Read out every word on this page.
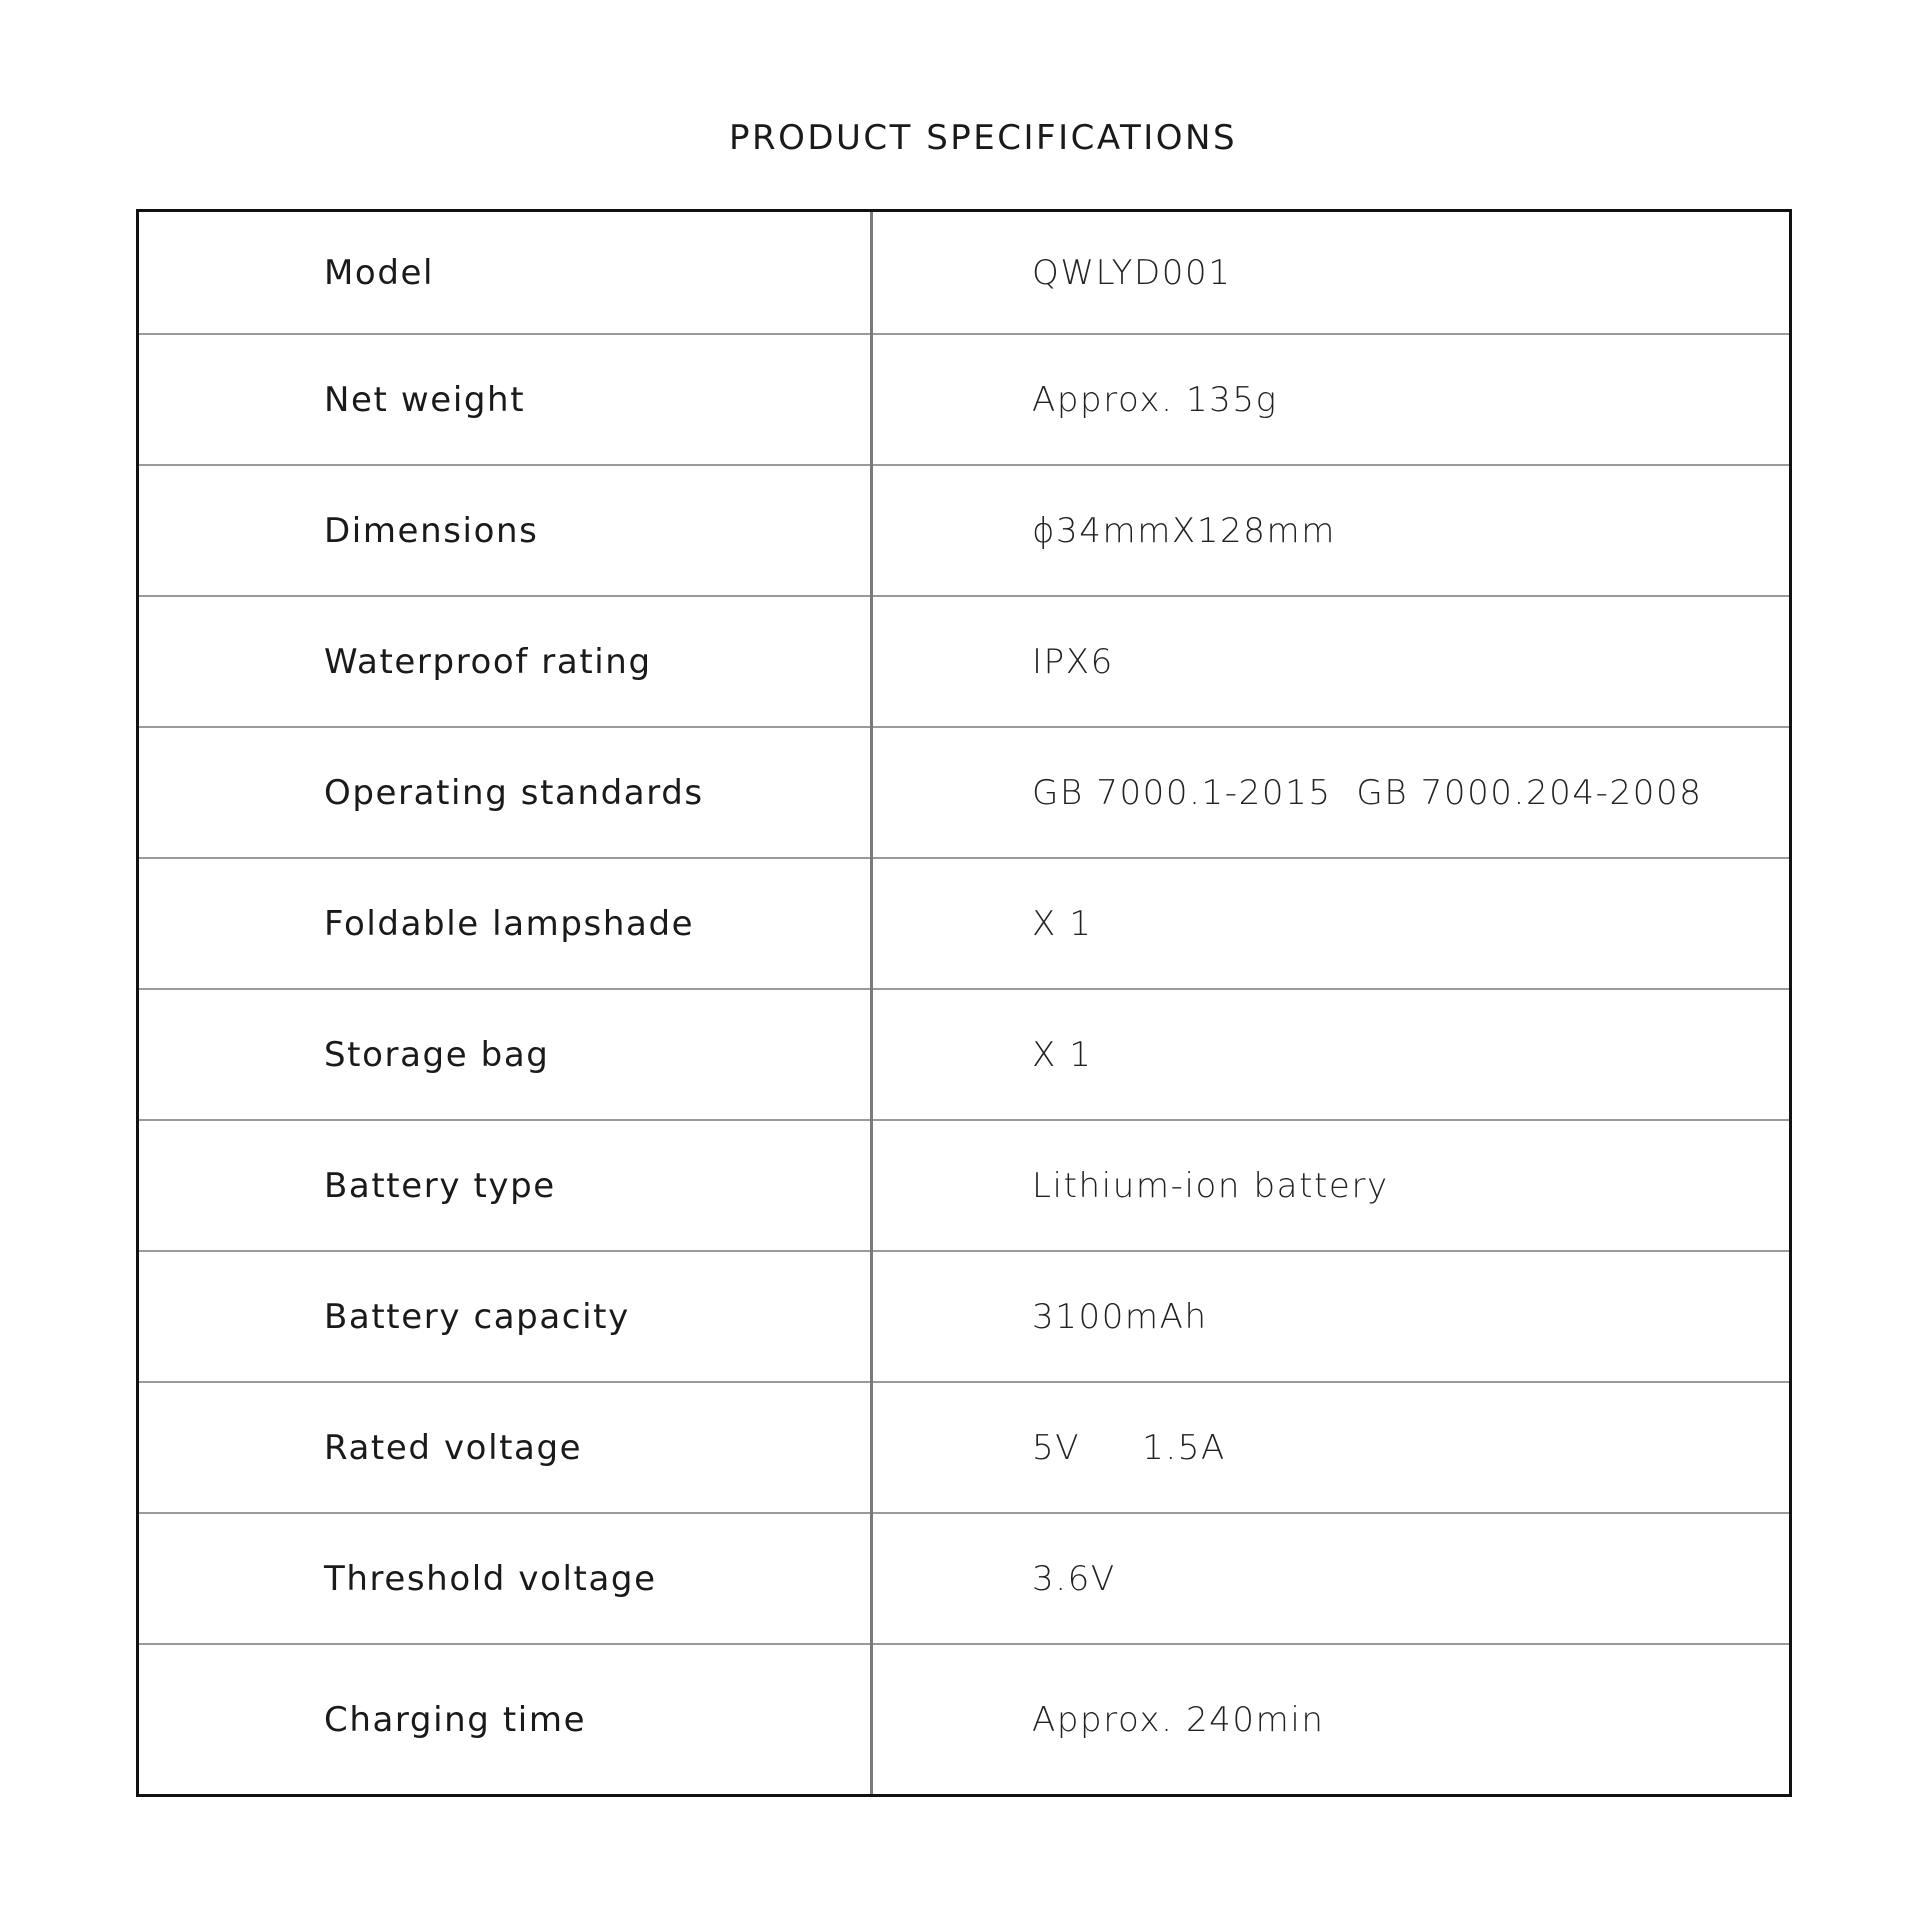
PRODUCT SPECIFICATIONS
Model	QWLYD001
Net weight	Approx. 135g
Dimensions	ϕ34mmX128mm
Waterproof rating	IPX6
Operating standards	GB 7000.1-2015  GB 7000.204-2008
Foldable lampshade	X 1
Storage bag	X 1
Battery type	Lithium-ion battery
Battery capacity	3100mAh
Rated voltage	5V     1.5A
Threshold voltage	3.6V
Charging time	Approx. 240min
